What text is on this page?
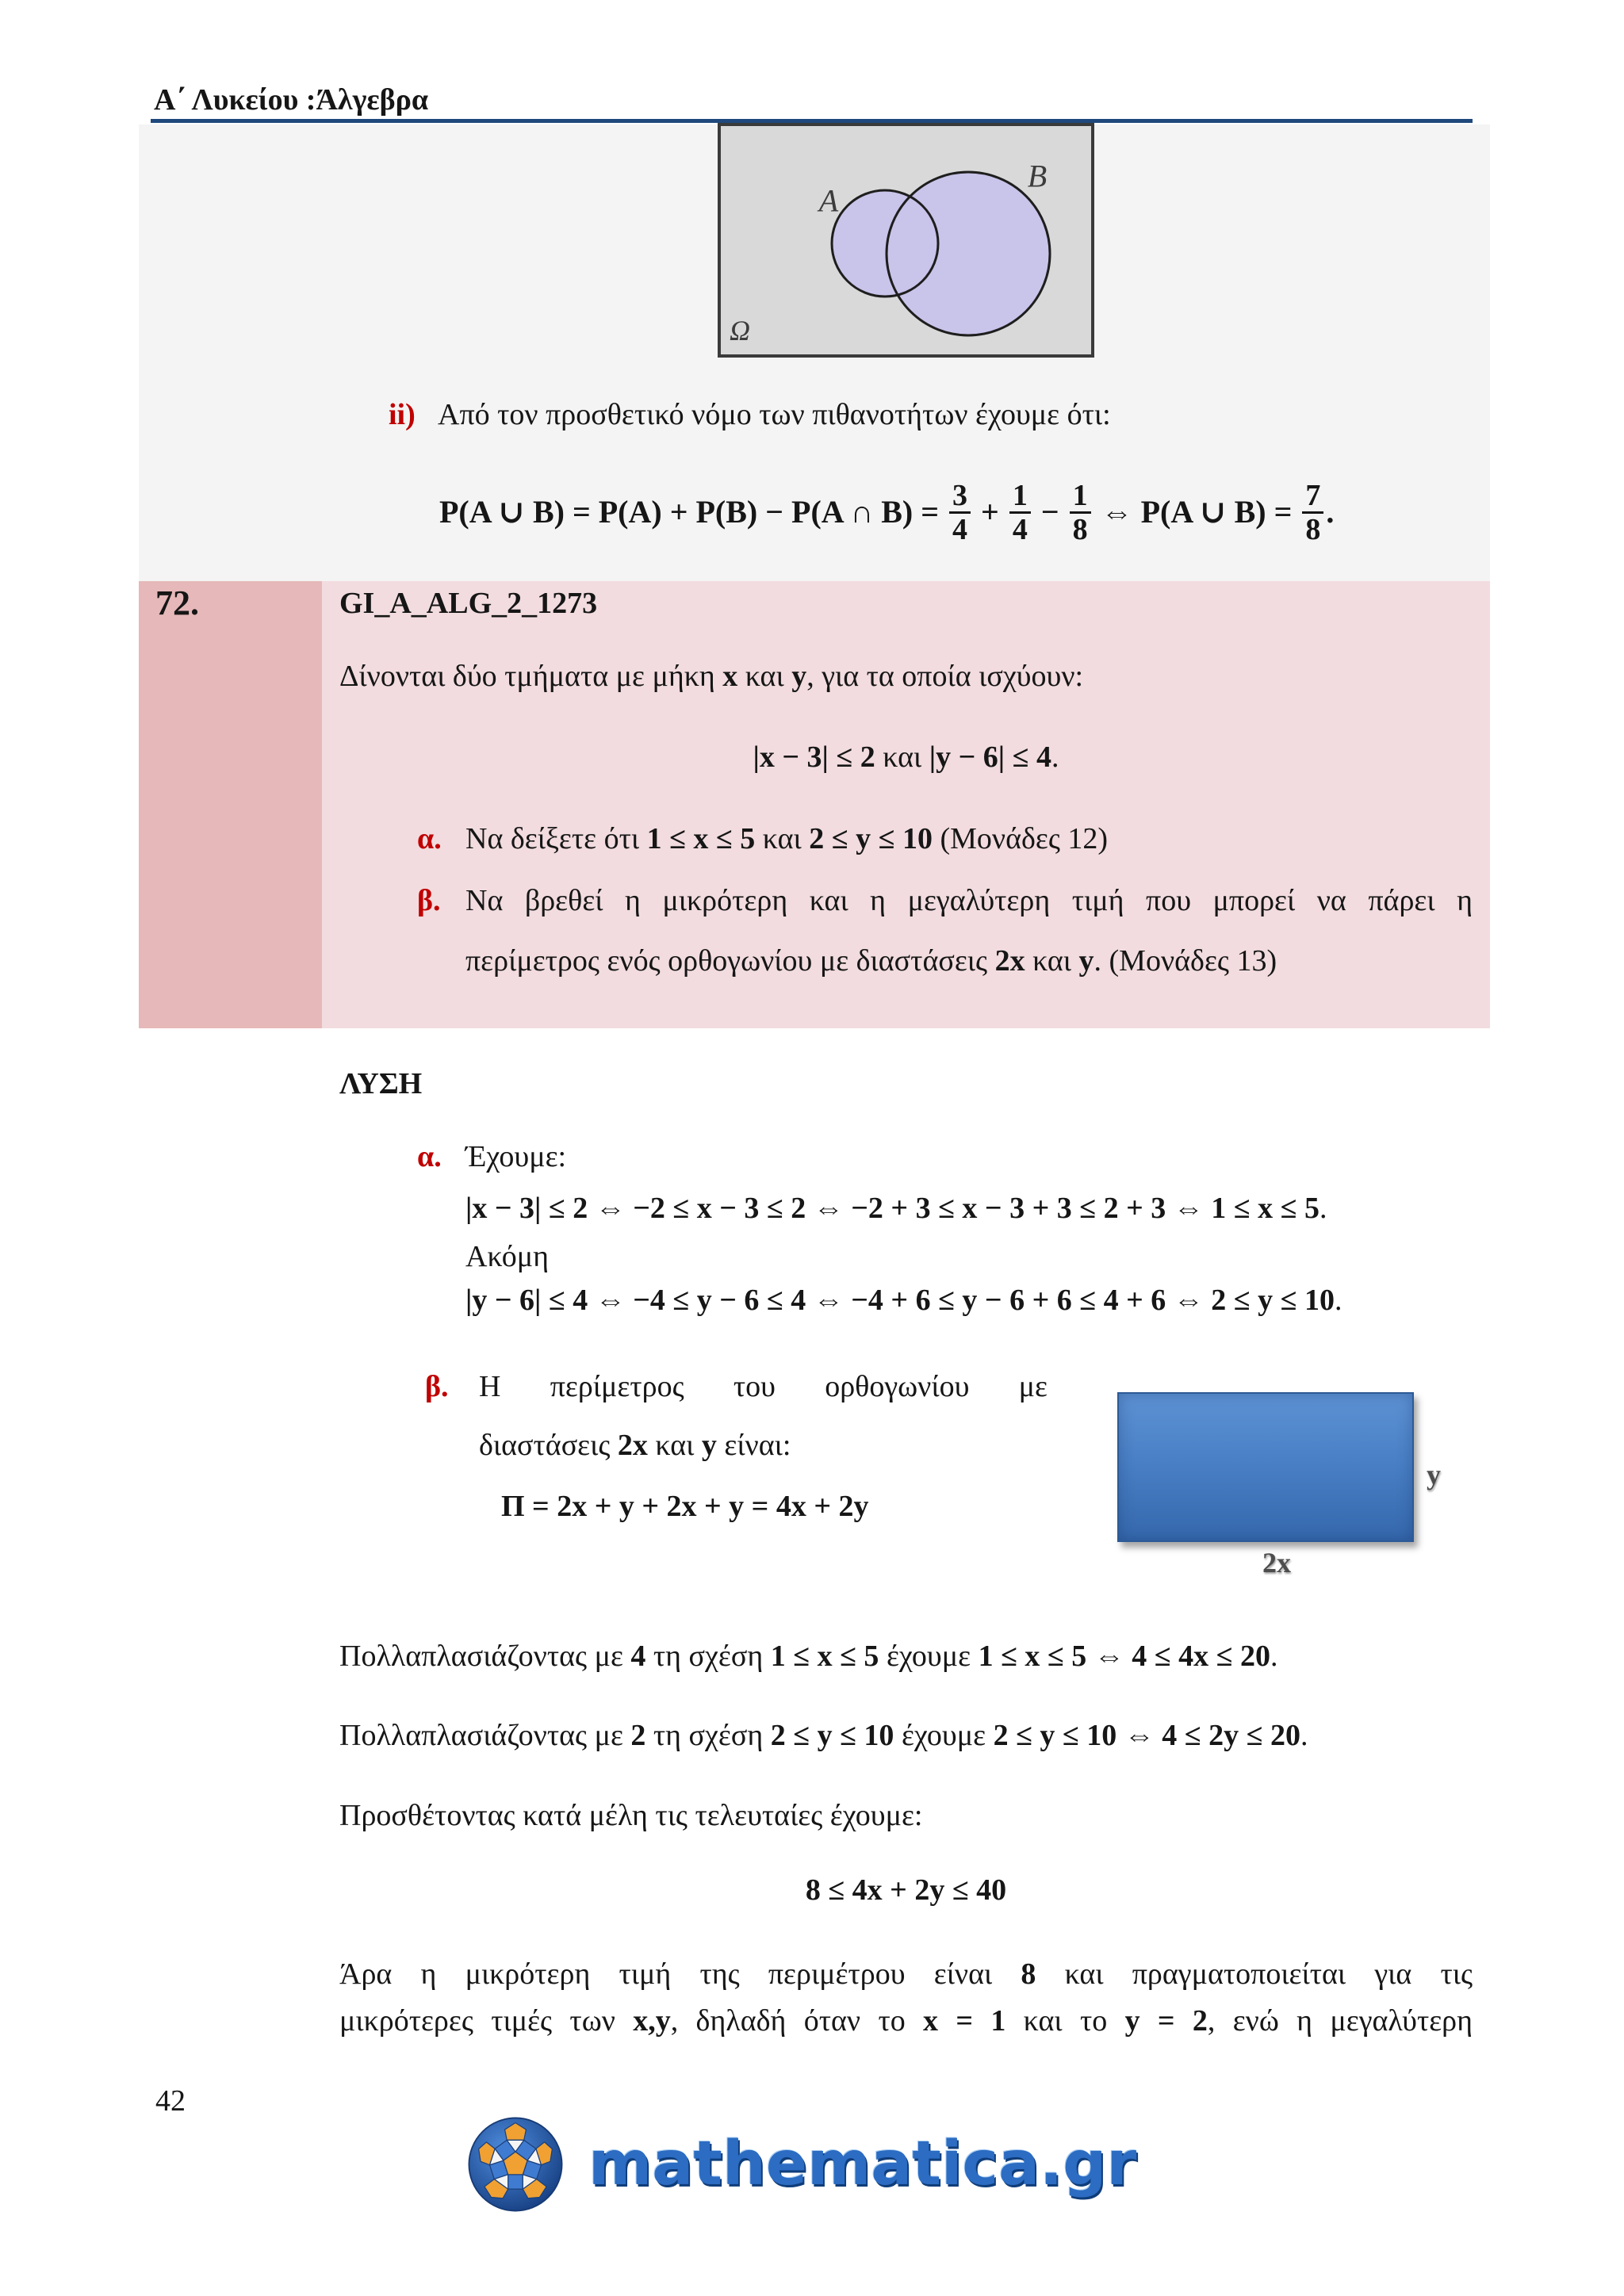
Α΄ Λυκείου :Άλγεβρα
A
B
Ω
ii) Από τον προσθετικό νόμο των πιθανοτήτων έχουμε ότι:
P(A ∪ B) = P(A) + P(B) − P(A ∩ $B) = \frac{3}{4} + \frac{1}{4} - \frac{1}{8}$ ⇔ P(A ∪ $B) = \frac{7}{8}$ .
72.	GI_A_ALG_2_1273
Δίνονται δύο τμήματα με μήκη x και y, για τα οποία ισχύουν:
|x − 3| ≤ 2 και |y − 6| ≤ 4.
α. Να δείξετε ότι 1 ≤ x ≤ 5 και 2 ≤ y ≤ 10 (Μονάδες 12)
β. Να βρεθεί η μικρότερη και η μεγαλύτερη τιμή που μπορεί να πάρει η
περίμετρος ενός ορθογωνίου με διαστάσεις 2x και y. (Μονάδες 13)
ΛΥΣΗ
α. Έχουμε:
|x − 3| ≤ 2 ⇔ −2 ≤ x − 3 ≤ 2 ⇔ −2 + 3 ≤ x − 3 + 3 ≤ 2 + 3 ⇔ 1 ≤ x ≤ 5.
Ακόμη
|y − 6| ≤ 4 ⇔ −4 ≤ y − 6 ≤ 4 ⇔ −4 + 6 ≤ y − 6 + 6 ≤ 4 + 6 ⇔ 2 ≤ y ≤ 10.
β. Η περίμετρος του ορθογωνίου με
διαστάσεις 2x και y είναι:
Π = 2x + y + 2x + y = 4x + 2y
y
2x
Πολλαπλασιάζοντας με 4 τη σχέση 1 ≤ x ≤ 5 έχουμε 1 ≤ x ≤ 5 ⇔ 4 ≤ 4x ≤ 20.
Πολλαπλασιάζοντας με 2 τη σχέση 2 ≤ y ≤ 10 έχουμε 2 ≤ y ≤ 10 ⇔ 4 ≤ 2y ≤ 20.
Προσθέτοντας κατά μέλη τις τελευταίες έχουμε:
8 ≤ 4x + 2y ≤ 40
Άρα η μικρότερη τιμή της περιμέτρου είναι 8 και πραγματοποιείται για τις
μικρότερες τιμές των x,y, δηλαδή όταν το x = 1 και το y = 2, ενώ η μεγαλύτερη
42
mathematica.gr
